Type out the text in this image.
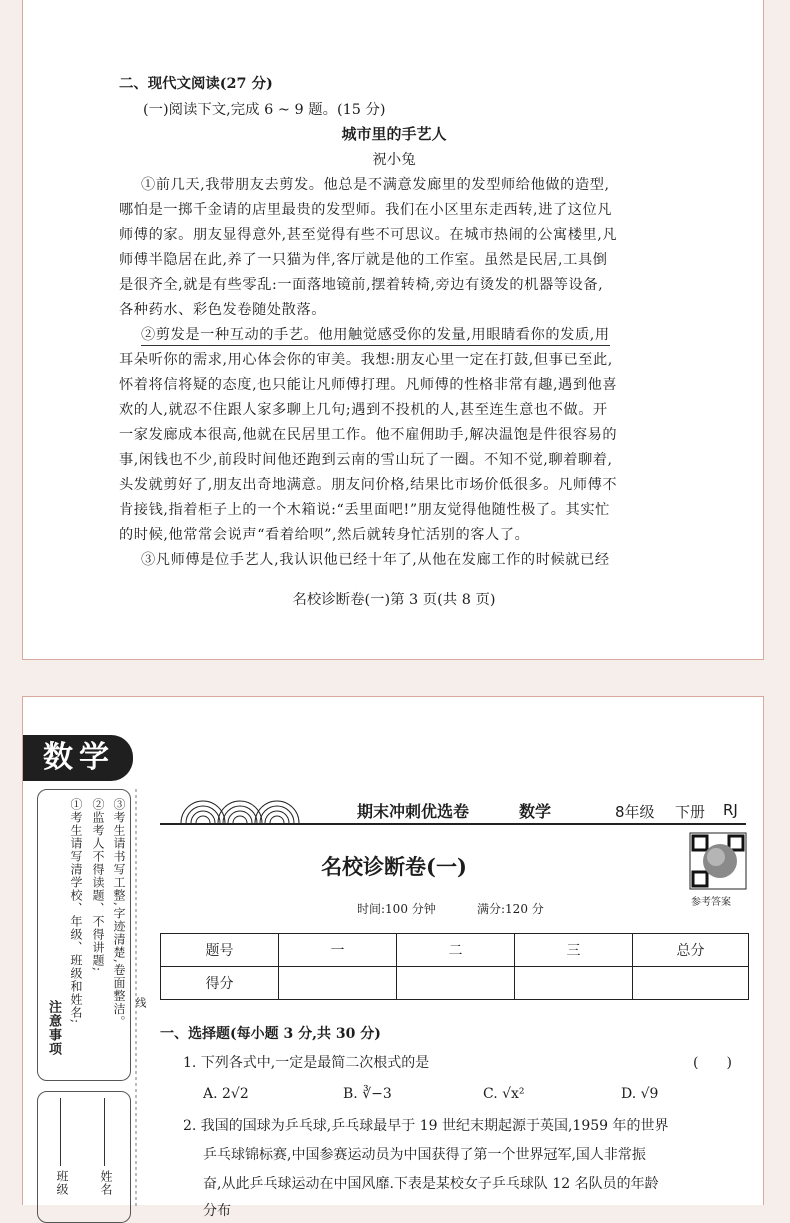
二、现代文阅读(27 分)
(一)阅读下文,完成 6 ~ 9 题。(15 分)
城市里的手艺人
祝小兔
①前几天,我带朋友去剪发。他总是不满意发廊里的发型师给他做的造型,
哪怕是一掷千金请的店里最贵的发型师。我们在小区里东走西转,进了这位凡
师傅的家。朋友显得意外,甚至觉得有些不可思议。在城市热闹的公寓楼里,凡
师傅半隐居在此,养了一只猫为伴,客厅就是他的工作室。虽然是民居,工具倒
是很齐全,就是有些零乱:一面落地镜前,摆着转椅,旁边有烫发的机器等设备,
各种药水、彩色发卷随处散落。
②剪发是一种互动的手艺。他用触觉感受你的发量,用眼睛看你的发质,用
耳朵听你的需求,用心体会你的审美。我想:朋友心里一定在打鼓,但事已至此,
怀着将信将疑的态度,也只能让凡师傅打理。凡师傅的性格非常有趣,遇到他喜
欢的人,就忍不住跟人家多聊上几句;遇到不投机的人,甚至连生意也不做。开
一家发廊成本很高,他就在民居里工作。他不雇佣助手,解决温饱是件很容易的
事,闲钱也不少,前段时间他还跑到云南的雪山玩了一圈。不知不觉,聊着聊着,
头发就剪好了,朋友出奇地满意。朋友问价格,结果比市场价低很多。凡师傅不
肯接钱,指着柜子上的一个木箱说:“丢里面吧!”朋友觉得他随性极了。其实忙
的时候,他常常会说声“看着给呗”,然后就转身忙活别的客人了。
③凡师傅是位手艺人,我认识他已经十年了,从他在发廊工作的时候就已经
名校诊断卷(一)第 3 页(共 8 页)
数学
注意事项
①考生请写清学校、年级、班级和姓名; ②监考人不得读题、不得讲题; ③考生请书写工整,字迹清楚,卷面整洁。 线
班级	姓名
期末冲刺优选卷	数学	8年级 下册 RJ
名校诊断卷(一)
时间:100 分钟	满分:120 分	参考答案
题号	一	二	三	总分
得分				
一、选择题(每小题 3 分,共 30 分)
1. 下列各式中,一定是最简二次根式的是	(　　)
A. 2√2	B. ∛−3	C. √x²	D. √9
2. 我国的国球为乒乓球,乒乓球最早于 19 世纪末期起源于英国,1959 年的世界
乒乓球锦标赛,中国参赛运动员为中国获得了第一个世界冠军,国人非常振
奋,从此乒乓球运动在中国风靡.下表是某校女子乒乓球队 12 名队员的年龄
分布
